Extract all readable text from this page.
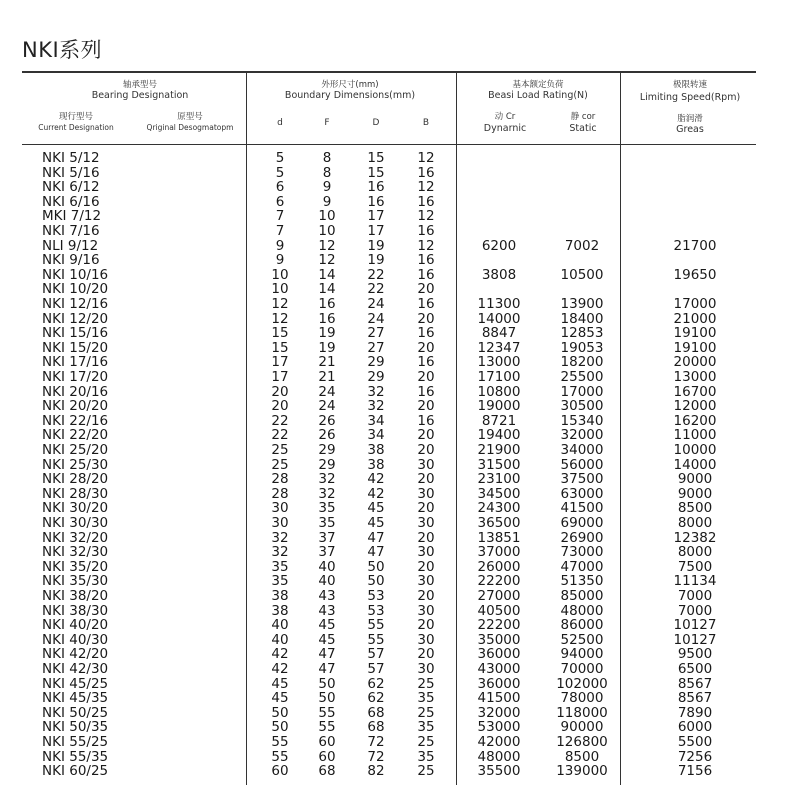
NKI系列
轴承型号
Bearing Designation
现行型号
Current Designation
原型号
Qriginal Desogmatopm
外形尺寸(mm)
Boundary Dimensions(mm)
d	F	D	B
基本额定负荷
Beasi Load Rating(N)
动 Cr
Dynarnic
静 cor
Static
极限转速
Limiting Speed(Rpm)
脂润滑
Greas
NKI 5/12	5	8	15	12
NKI 5/16	5	8	15	16
NKI 6/12	6	9	16	12
NKI 6/16	6	9	16	16
MKI 7/12	7	10	17	12
NKI 7/16	7	10	17	16
NLI 9/12	9	12	19	12	6200	7002	21700
NKI 9/16	9	12	19	16
NKI 10/16	10	14	22	16	3808	10500	19650
NKI 10/20	10	14	22	20
NKI 12/16	12	16	24	16	11300	13900	17000
NKI 12/20	12	16	24	20	14000	18400	21000
NKI 15/16	15	19	27	16	8847	12853	19100
NKI 15/20	15	19	27	20	12347	19053	19100
NKI 17/16	17	21	29	16	13000	18200	20000
NKI 17/20	17	21	29	20	17100	25500	13000
NKI 20/16	20	24	32	16	10800	17000	16700
NKI 20/20	20	24	32	20	19000	30500	12000
NKI 22/16	22	26	34	16	8721	15340	16200
NKI 22/20	22	26	34	20	19400	32000	11000
NKI 25/20	25	29	38	20	21900	34000	10000
NKI 25/30	25	29	38	30	31500	56000	14000
NKI 28/20	28	32	42	20	23100	37500	9000
NKI 28/30	28	32	42	30	34500	63000	9000
NKI 30/20	30	35	45	20	24300	41500	8500
NKI 30/30	30	35	45	30	36500	69000	8000
NKI 32/20	32	37	47	20	13851	26900	12382
NKI 32/30	32	37	47	30	37000	73000	8000
NKI 35/20	35	40	50	20	26000	47000	7500
NKI 35/30	35	40	50	30	22200	51350	11134
NKI 38/20	38	43	53	20	27000	85000	7000
NKI 38/30	38	43	53	30	40500	48000	7000
NKI 40/20	40	45	55	20	22200	86000	10127
NKI 40/30	40	45	55	30	35000	52500	10127
NKI 42/20	42	47	57	20	36000	94000	9500
NKI 42/30	42	47	57	30	43000	70000	6500
NKI 45/25	45	50	62	25	36000	102000	8567
NKI 45/35	45	50	62	35	41500	78000	8567
NKI 50/25	50	55	68	25	32000	118000	7890
NKI 50/35	50	55	68	35	53000	90000	6000
NKI 55/25	55	60	72	25	42000	126800	5500
NKI 55/35	55	60	72	35	48000	8500	7256
NKI 60/25	60	68	82	25	35500	139000	7156
